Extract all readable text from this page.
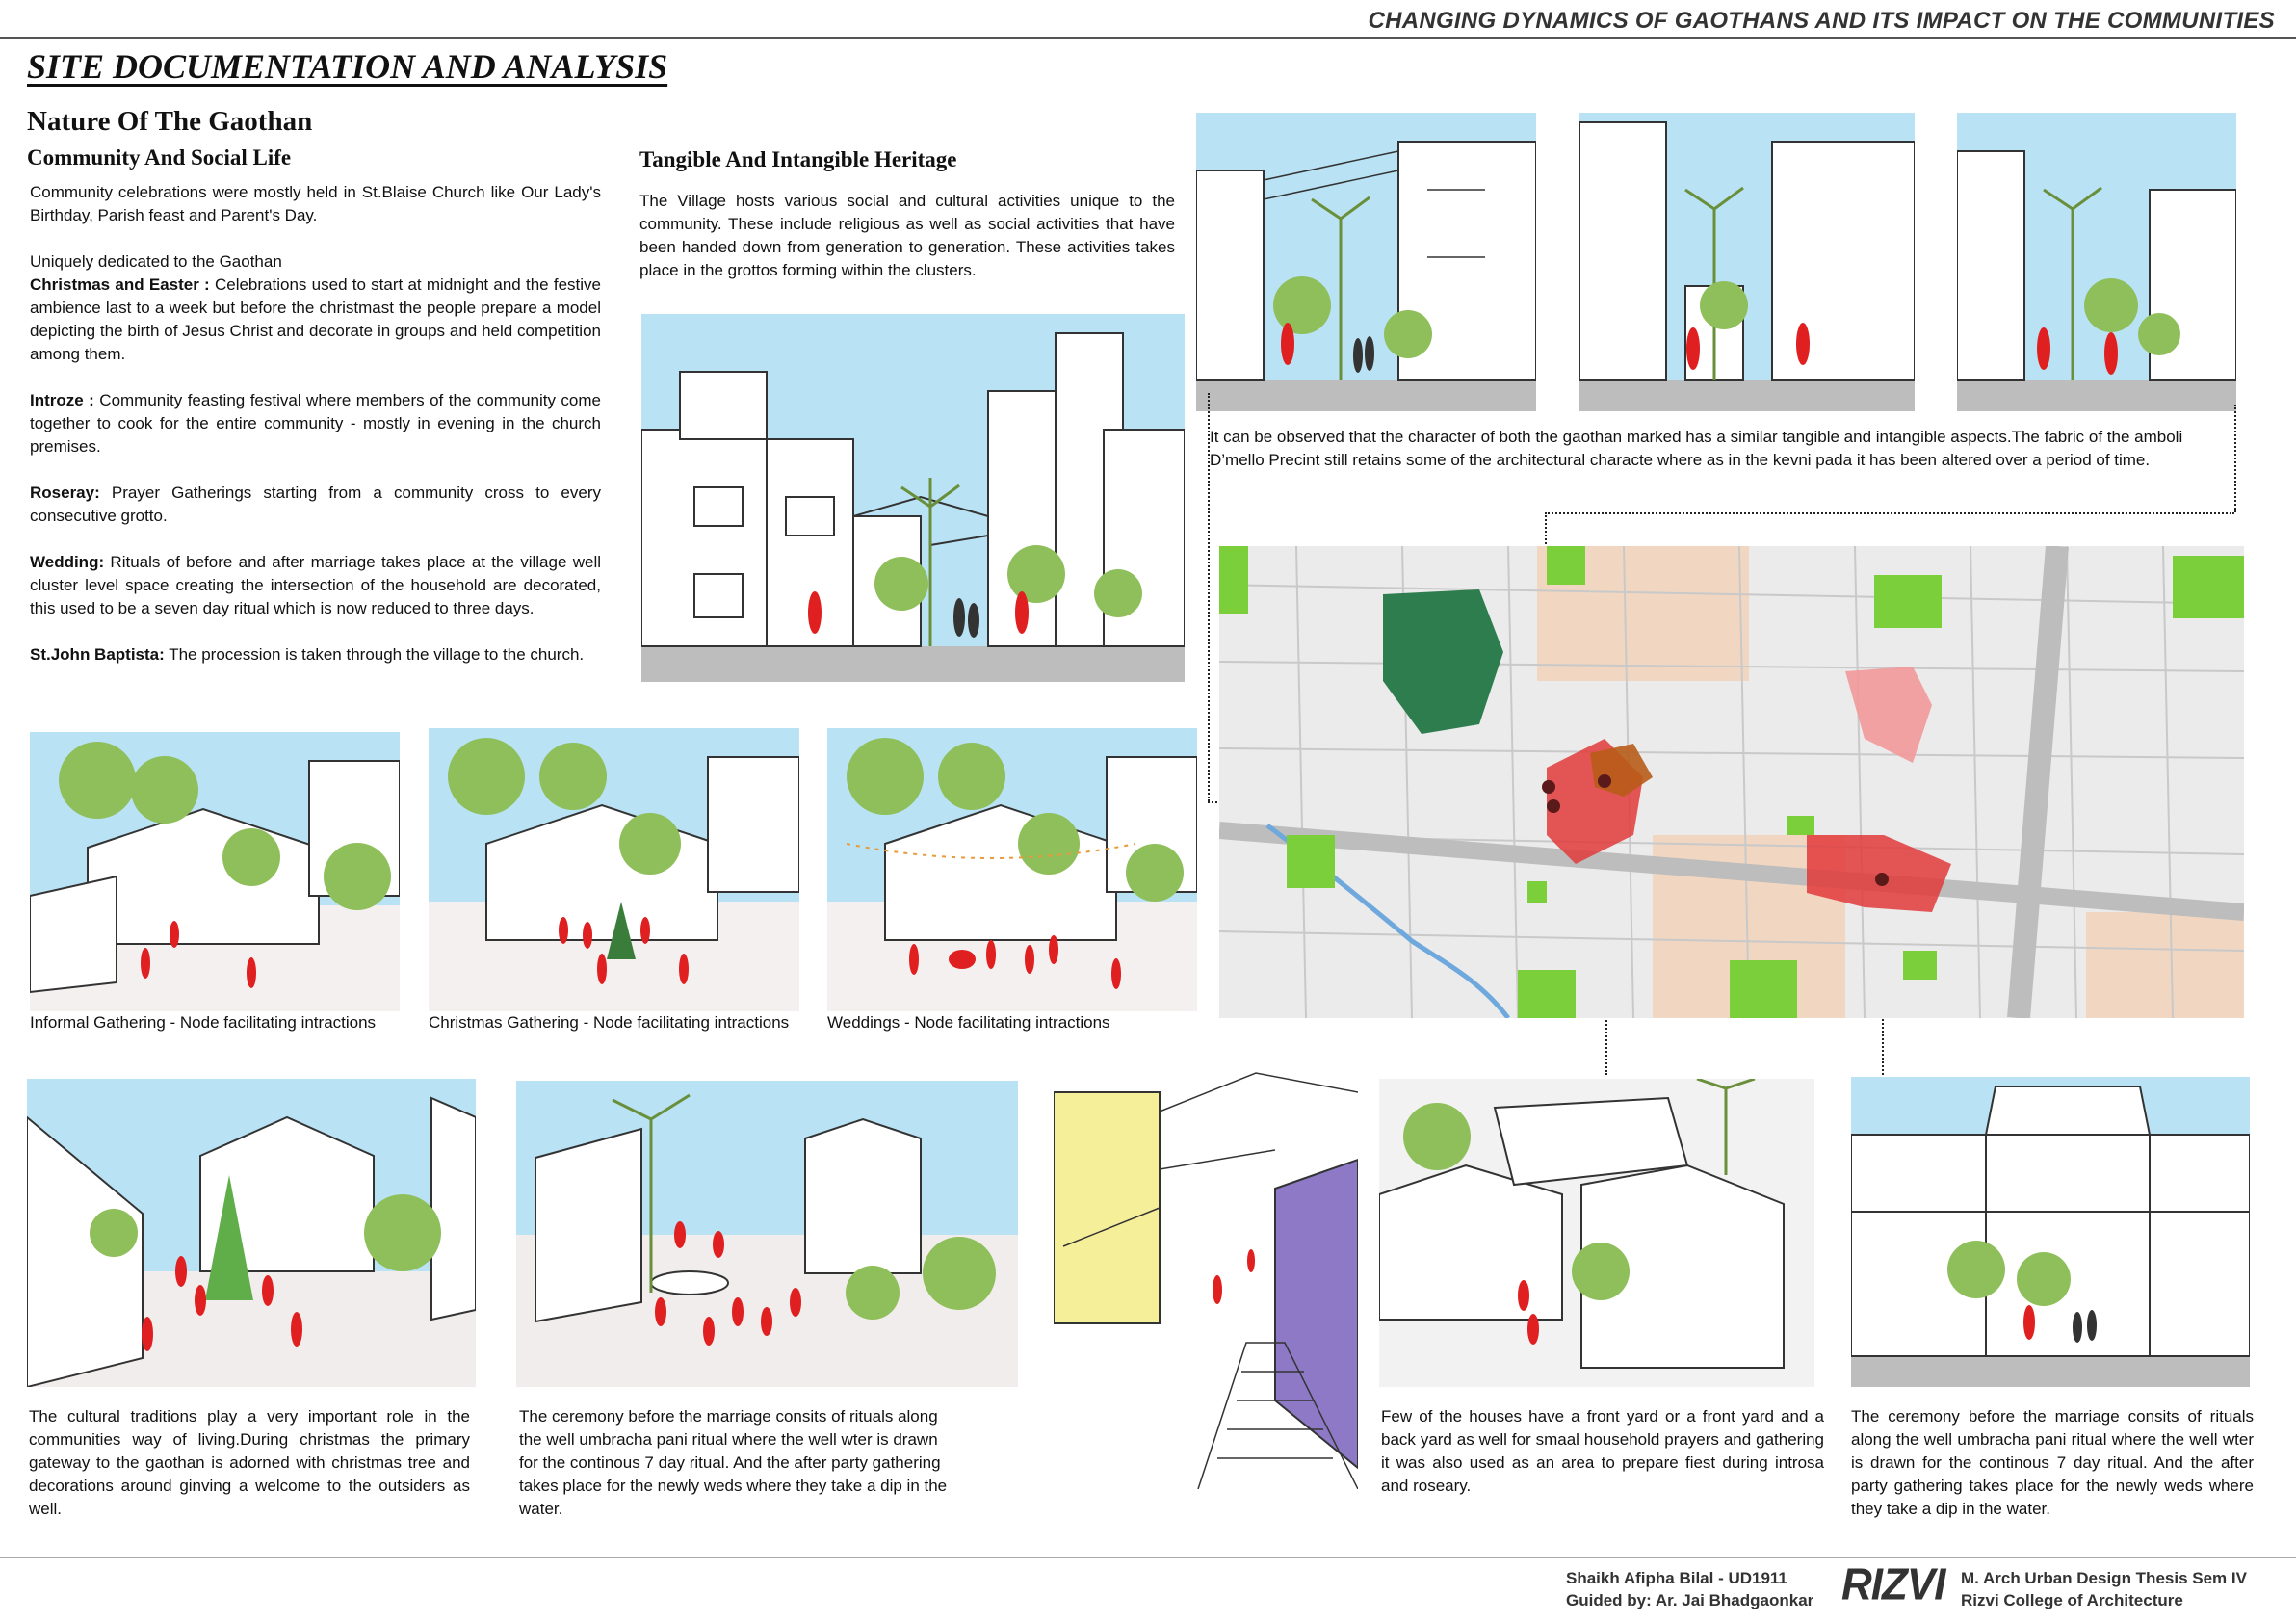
CHANGING DYNAMICS OF GAOTHANS AND ITS IMPACT ON THE COMMUNITIES
SITE DOCUMENTATION AND ANALYSIS
Nature Of The Gaothan
Community And Social Life

Community celebrations were mostly held in St.Blaise Church like Our Lady's Birthday, Parish feast and Parent's Day.

Uniquely dedicated to the Gaothan

Christmas and Easter : Celebrations used to start at midnight and the festive ambience last to a week but before the christmast the people prepare a model depicting the birth of Jesus Christ and decorate in groups and held competition among them.

Introze : Community feasting festival where members of the community come together to cook for the entire community - mostly in evening in the church premises.

Roseray: Prayer Gatherings starting from a community cross to every consecutive grotto.

Wedding: Rituals of before and after marriage takes place at the village well cluster level space creating the intersection of the household are decorated, this used to be a seven day ritual which is now reduced to three days.

St.John Baptista: The procession is taken through the village to the church.

Tangible And Intangible Heritage
The Village hosts various social and cultural activities unique to the community. These include religious as well as social activities that have been handed down from generation to generation. These activities takes place in the grottos forming within the clusters.
It can be observed that the character of both the gaothan marked has a similar tangible and intangible aspects.The fabric of the amboli D’mello Precint still retains some of the architectural characte where as in the kevni pada it has been altered over a period of time.
Informal Gathering - Node facilitating intractions	Christmas Gathering - Node facilitating intractions Weddings - Node facilitating intractions
The cultural traditions play a very important role in the communities way of living.During christmas the primary gateway to the gaothan is adorned with christmas tree and decorations around ginving a welcome to the outsiders as well.
The ceremony before the marriage consits of rituals along the well umbracha pani ritual where the well wter is drawn for the continous 7 day ritual. And the after party gathering takes place for the newly weds where they take a dip in the water.
Few of the houses have a front yard or a front yard and a back yard as well for smaal household prayers and gathering it was also used as an area to prepare fiest during introsa and roseary.
The ceremony before the marriage consits of rituals along the well umbracha pani ritual where the well wter is drawn for the continous 7 day ritual. And the after party gathering takes place for the newly weds where they take a dip in the water.
Shaikh Afipha Bilal - UD1911
Guided by: Ar. Jai Bhadgaonkar RIZVI M. Arch Urban Design Thesis Sem IV
Rizvi College of Architecture
